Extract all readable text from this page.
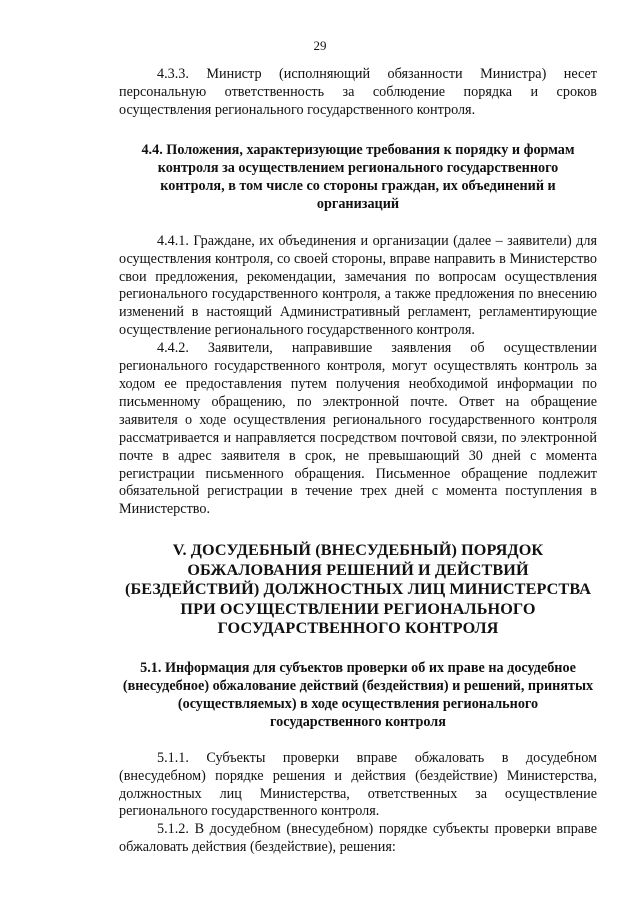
29

4.3.3. Министр (исполняющий обязанности Министра) несет персональную ответственность за соблюдение порядка и сроков осуществления регионального государственного контроля.

4.4. Положения, характеризующие требования к порядку и формам контроля за осуществлением регионального государственного контроля, в том числе со стороны граждан, их объединений и организаций

4.4.1. Граждане, их объединения и организации (далее – заявители) для осуществления контроля, со своей стороны, вправе направить в Министерство свои предложения, рекомендации, замечания по вопросам осуществления регионального государственного контроля, а также предложения по внесению изменений в настоящий Административный регламент, регламентирующие осуществление регионального государственного контроля.

4.4.2. Заявители, направившие заявления об осуществлении регионального государственного контроля, могут осуществлять контроль за ходом ее предоставления путем получения необходимой информации по письменному обращению, по электронной почте. Ответ на обращение заявителя о ходе осуществления регионального государственного контроля рассматривается и направляется посредством почтовой связи, по электронной почте в адрес заявителя в срок, не превышающий 30 дней с момента регистрации письменного обращения. Письменное обращение подлежит обязательной регистрации в течение трех дней с момента поступления в Министерство.

V. ДОСУДЕБНЫЙ (ВНЕСУДЕБНЫЙ) ПОРЯДОК ОБЖАЛОВАНИЯ РЕШЕНИЙ И ДЕЙСТВИЙ (БЕЗДЕЙСТВИЙ) ДОЛЖНОСТНЫХ ЛИЦ МИНИСТЕРСТВА ПРИ ОСУЩЕСТВЛЕНИИ РЕГИОНАЛЬНОГО ГОСУДАРСТВЕННОГО КОНТРОЛЯ
5.1. Информация для субъектов проверки об их праве на досудебное (внесудебное) обжалование действий (бездействия) и решений, принятых (осуществляемых) в ходе осуществления регионального государственного контроля

5.1.1. Субъекты проверки вправе обжаловать в досудебном (внесудебном) порядке решения и действия (бездействие) Министерства, должностных лиц Министерства, ответственных за осуществление регионального государственного контроля.

5.1.2. В досудебном (внесудебном) порядке субъекты проверки вправе обжаловать действия (бездействие), решения:
